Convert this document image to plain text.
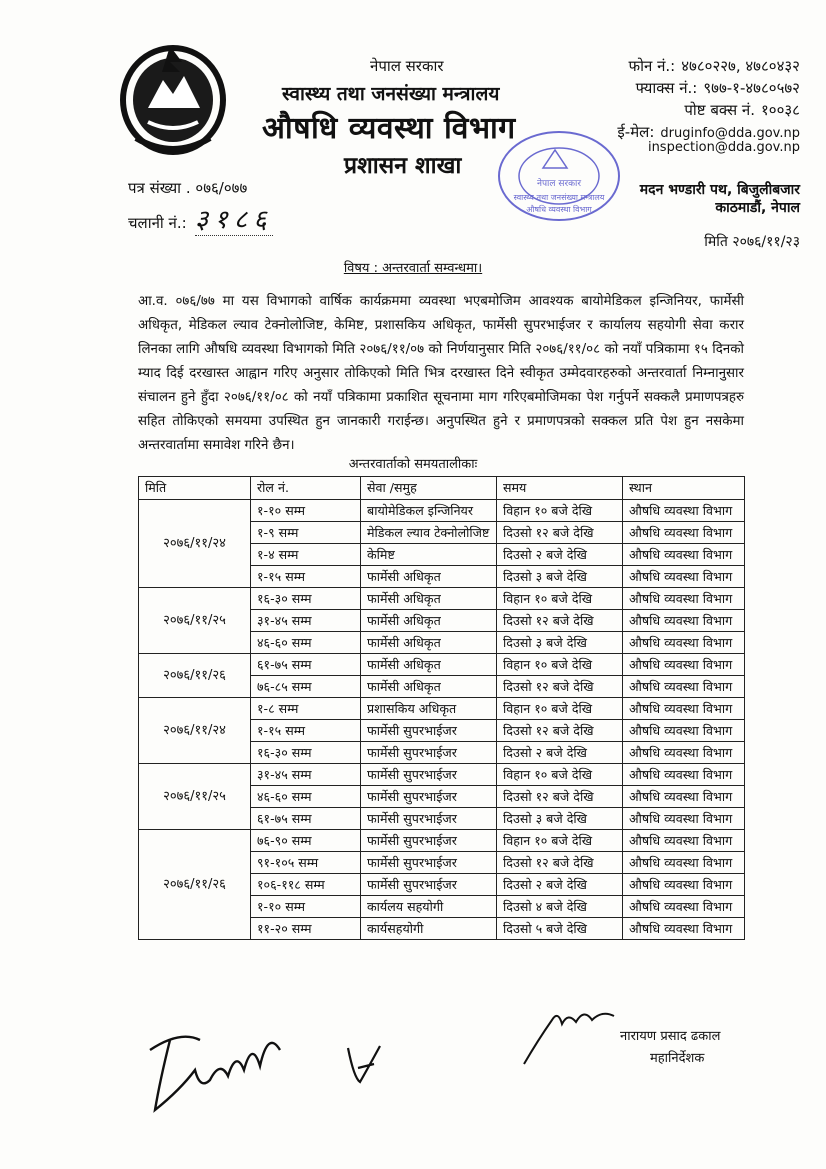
नेपाल सरकार
स्वास्थ्य तथा जनसंख्या मन्त्रालय
औषधि व्यवस्था विभाग
प्रशासन शाखा
फोन नं.: ४७८०२२७, ४७८०४३२
फ्याक्स नं.: ९७७-१-४७८०५७२
पोष्ट बक्स नं. १००३८
ई-मेल: druginfo@dda.gov.np
inspection@dda.gov.np
मदन भण्डारी पथ, बिजुलीबजार
काठमाडौं, नेपाल
मिति २०७६/११/२३
पत्र संख्या . ०७६/०७७
चलानी नं.: ३१८६
नेपाल सरकार
स्वास्थ्य तथा जनसंख्या मन्त्रालय
औषधि व्यवस्था विभाग
विषय : अन्तरवार्ता सम्वन्धमा।
आ.व. ०७६/७७ मा यस विभागको वार्षिक कार्यक्रममा व्यवस्था भएबमोजिम आवश्यक बायोमेडिकल इन्जिनियर, फार्मेसी अधिकृत, मेडिकल ल्याव टेक्नोलोजिष्ट, केमिष्ट, प्रशासकिय अधिकृत, फार्मेसी सुपरभाईजर र कार्यालय सहयोगी सेवा करार लिनका लागि औषधि व्यवस्था विभागको मिति २०७६/११/०७ को निर्णयानुसार मिति २०७६/११/०८ को नयाँ पत्रिकामा १५ दिनको म्याद दिई दरखास्त आह्वान गरिए अनुसार तोकिएको मिति भित्र दरखास्त दिने स्वीकृत उम्मेदवारहरुको अन्तरवार्ता निम्नानुसार संचालन हुने हुँदा २०७६/११/०८ को नयाँ पत्रिकामा प्रकाशित सूचनामा माग गरिएबमोजिमका पेश गर्नुपर्ने सक्कलै प्रमाणपत्रहरु सहित तोकिएको समयमा उपस्थित हुन जानकारी गराईन्छ। अनुपस्थित हुने र प्रमाणपत्रको सक्कल प्रति पेश हुन नसकेमा अन्तरवार्तामा समावेश गरिने छैन।
अन्तरवार्ताको समयतालीकाः
मिति	रोल नं.	सेवा /समुह	समय	स्थान
२०७६/११/२४	१-१० सम्म	बायोमेडिकल इन्जिनियर	विहान १० बजे देखि	औषधि व्यवस्था विभाग
	१-९ सम्म	मेडिकल ल्याव टेक्नोलोजिष्ट	दिउसो १२ बजे देखि	औषधि व्यवस्था विभाग
	१-४ सम्म	केमिष्ट	दिउसो २ बजे देखि	औषधि व्यवस्था विभाग
	१-१५ सम्म	फार्मेसी अधिकृत	दिउसो ३ बजे देखि	औषधि व्यवस्था विभाग
२०७६/११/२५	१६-३० सम्म	फार्मेसी अधिकृत	विहान १० बजे देखि	औषधि व्यवस्था विभाग
	३१-४५ सम्म	फार्मेसी अधिकृत	दिउसो १२ बजे देखि	औषधि व्यवस्था विभाग
	४६-६० सम्म	फार्मेसी अधिकृत	दिउसो ३ बजे देखि	औषधि व्यवस्था विभाग
२०७६/११/२६	६१-७५ सम्म	फार्मेसी अधिकृत	विहान १० बजे देखि	औषधि व्यवस्था विभाग
	७६-८५ सम्म	फार्मेसी अधिकृत	दिउसो १२ बजे देखि	औषधि व्यवस्था विभाग
२०७६/११/२४	१-८ सम्म	प्रशासकिय अधिकृत	विहान १० बजे देखि	औषधि व्यवस्था विभाग
	१-१५ सम्म	फार्मेसी सुपरभाईजर	दिउसो १२ बजे देखि	औषधि व्यवस्था विभाग
	१६-३० सम्म	फार्मेसी सुपरभाईजर	दिउसो २ बजे देखि	औषधि व्यवस्था विभाग
२०७६/११/२५	३१-४५ सम्म	फार्मेसी सुपरभाईजर	विहान १० बजे देखि	औषधि व्यवस्था विभाग
	४६-६० सम्म	फार्मेसी सुपरभाईजर	दिउसो १२ बजे देखि	औषधि व्यवस्था विभाग
	६१-७५ सम्म	फार्मेसी सुपरभाईजर	दिउसो ३ बजे देखि	औषधि व्यवस्था विभाग
२०७६/११/२६	७६-९० सम्म	फार्मेसी सुपरभाईजर	विहान १० बजे देखि	औषधि व्यवस्था विभाग
	९१-१०५ सम्म	फार्मेसी सुपरभाईजर	दिउसो १२ बजे देखि	औषधि व्यवस्था विभाग
	१०६-११८ सम्म	फार्मेसी सुपरभाईजर	दिउसो २ बजे देखि	औषधि व्यवस्था विभाग
	१-१० सम्म	कार्यलय सहयोगी	दिउसो ४ बजे देखि	औषधि व्यवस्था विभाग
	११-२० सम्म	कार्यसहयोगी	दिउसो ५ बजे देखि	औषधि व्यवस्था विभाग
नारायण प्रसाद ढकाल
महानिर्देशक
